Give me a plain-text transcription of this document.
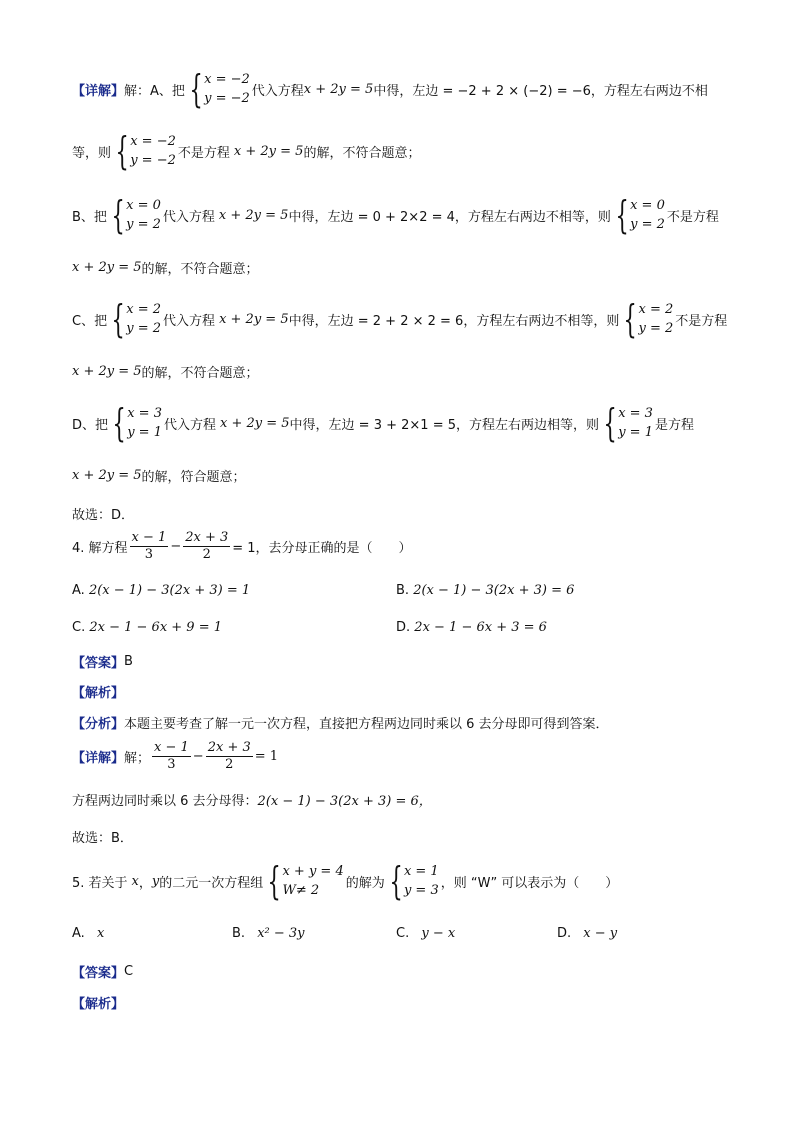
【详解】 解：A、把 { x = −2
y = −2 代入方程 x + 2y = 5 中得，左边 = −2 + 2 × (−2) = −6，方程左右两边不相
等，则 { x = −2
y = −2 不是方程 x + 2y = 5 的解，不符合题意；
B、把 { x = 0
y = 2 代入方程 x + 2y = 5 中得，左边 = 0 + 2×2 = 4，方程左右两边不相等，则 { x = 0
y = 2 不是方程
x + 2y = 5 的解，不符合题意；
C、把 { x = 2
y = 2 代入方程 x + 2y = 5 中得，左边 = 2 + 2 × 2 = 6，方程左右两边不相等，则 { x = 2
y = 2 不是方程
x + 2y = 5 的解，不符合题意；
D、把 { x = 3
y = 1 代入方程 x + 2y = 5 中得，左边 = 3 + 2×1 = 5，方程左右两边相等，则 { x = 3
y = 1 是方程
x + 2y = 5 的解，符合题意；
故选：D．
4. 解方程 $\frac{x - 1}{3} - \frac{2x + 3}{2} = 1$，去分母正确的是（　　）
A. 2(x − 1) − 3(2x + 3) = 1	B. 2(x − 1) − 3(2x + 3) = 6
C. 2x − 1 − 6x + 9 = 1	D. 2x − 1 − 6x + 3 = 6
【答案】 B
【解析】
【分析】 本题主要考查了解一元一次方程，直接把方程两边同时乘以 6 去分母即可得到答案．
【详解】 解； $\frac{x - 1}{3} - \frac{2x + 3}{2} = 1$
方程两边同时乘以 6 去分母得： 2(x − 1) − 3(2x + 3) = 6，
故选：B．
5. 若关于 x ， y 的二元一次方程组 { x + y = 4
W≠ 2	的解为 { x = 1
y = 3 ，则 “W” 可以表示为（　　）
A. x	B. x² − 3y	C. y − x	D. x − y
【答案】 C
【解析】
